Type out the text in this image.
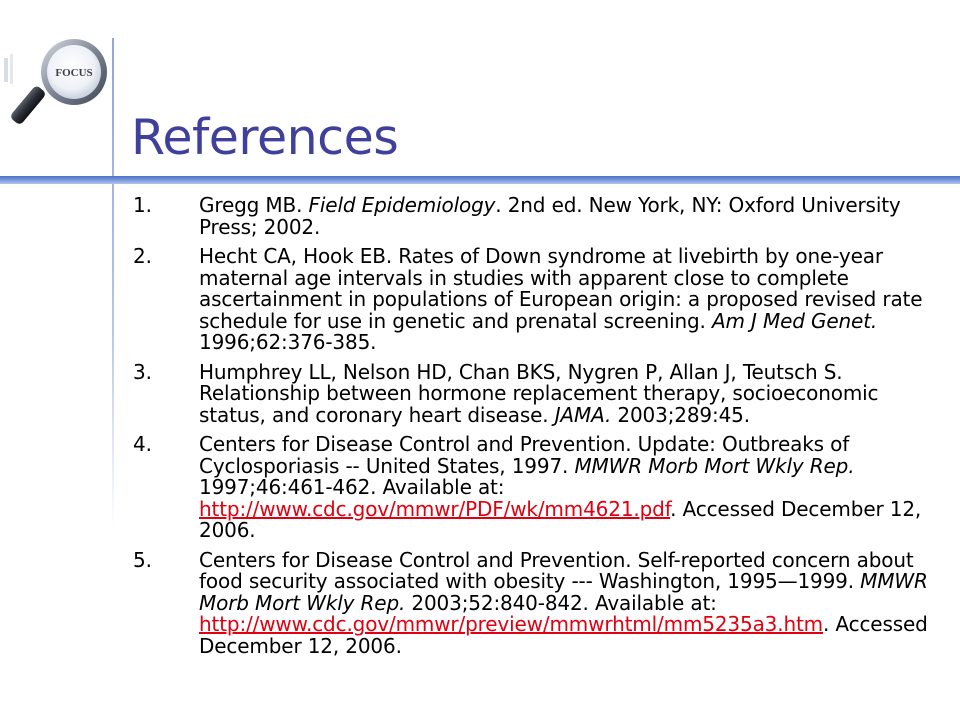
FOCUS
References
1.	Gregg MB. Field Epidemiology. 2nd ed. New York, NY: Oxford University Press; 2002.
2.	Hecht CA, Hook EB. Rates of Down syndrome at livebirth by one-year maternal age intervals in studies with apparent close to complete ascertainment in populations of European origin: a proposed revised rate schedule for use in genetic and prenatal screening. Am J Med Genet. 1996;62:376-385.
3.	Humphrey LL, Nelson HD, Chan BKS, Nygren P, Allan J, Teutsch S. Relationship between hormone replacement therapy, socioeconomic status, and coronary heart disease. JAMA. 2003;289:45.
4.	Centers for Disease Control and Prevention. Update: Outbreaks of Cyclosporiasis -- United States, 1997. MMWR Morb Mort Wkly Rep. 1997;46:461-462. Available at: http://www.cdc.gov/mmwr/PDF/wk/mm4621.pdf. Accessed December 12, 2006.
5.	Centers for Disease Control and Prevention. Self-reported concern about food security associated with obesity --- Washington, 1995—1999. MMWR Morb Mort Wkly Rep. 2003;52:840-842. Available at: http://www.cdc.gov/mmwr/preview/mmwrhtml/mm5235a3.htm. Accessed December 12, 2006.
